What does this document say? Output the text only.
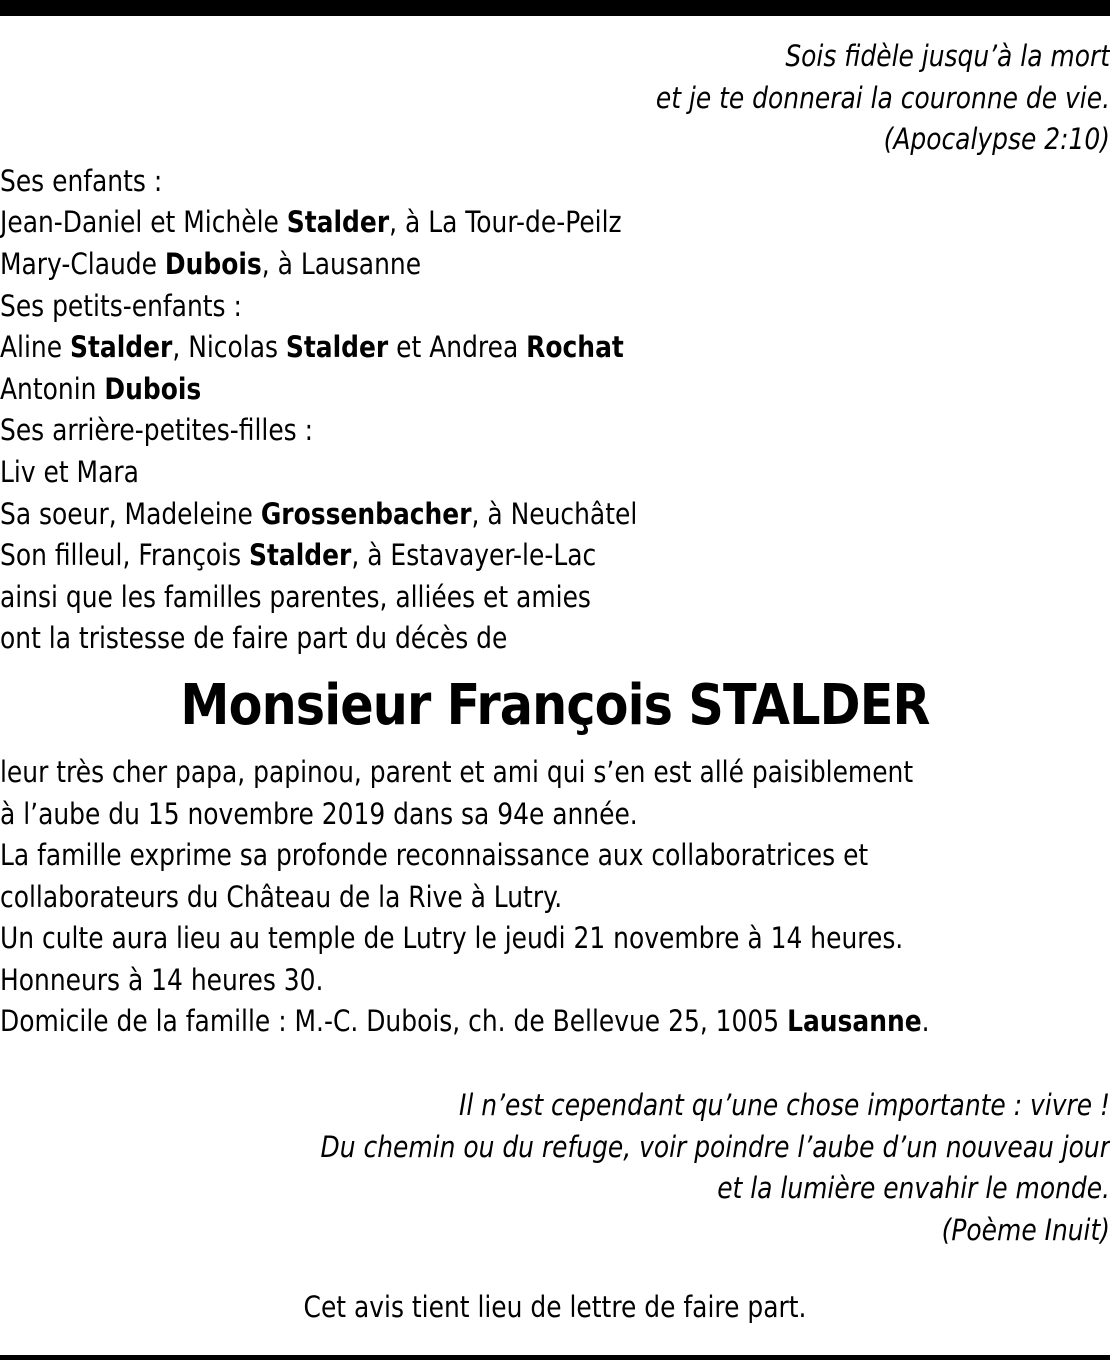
Sois fidèle jusqu’à la mort
et je te donnerai la couronne de vie.
(Apocalypse 2:10)
Ses enfants :
Jean-Daniel et Michèle Stalder, à La Tour-de-Peilz
Mary-Claude Dubois, à Lausanne
Ses petits-enfants :
Aline Stalder, Nicolas Stalder et Andrea Rochat
Antonin Dubois
Ses arrière-petites-filles :
Liv et Mara
Sa soeur, Madeleine Grossenbacher, à Neuchâtel
Son filleul, François Stalder, à Estavayer-le-Lac
ainsi que les familles parentes, alliées et amies
ont la tristesse de faire part du décès de
Monsieur François STALDER
leur très cher papa, papinou, parent et ami qui s’en est allé paisiblement
à l’aube du 15 novembre 2019 dans sa 94e année.
La famille exprime sa profonde reconnaissance aux collaboratrices et
collaborateurs du Château de la Rive à Lutry.
Un culte aura lieu au temple de Lutry le jeudi 21 novembre à 14 heures.
Honneurs à 14 heures 30.
Domicile de la famille : M.-C. Dubois, ch. de Bellevue 25, 1005 Lausanne.
Il n’est cependant qu’une chose importante : vivre !
Du chemin ou du refuge, voir poindre l’aube d’un nouveau jour
et la lumière envahir le monde.
(Poème Inuit)
Cet avis tient lieu de lettre de faire part.
